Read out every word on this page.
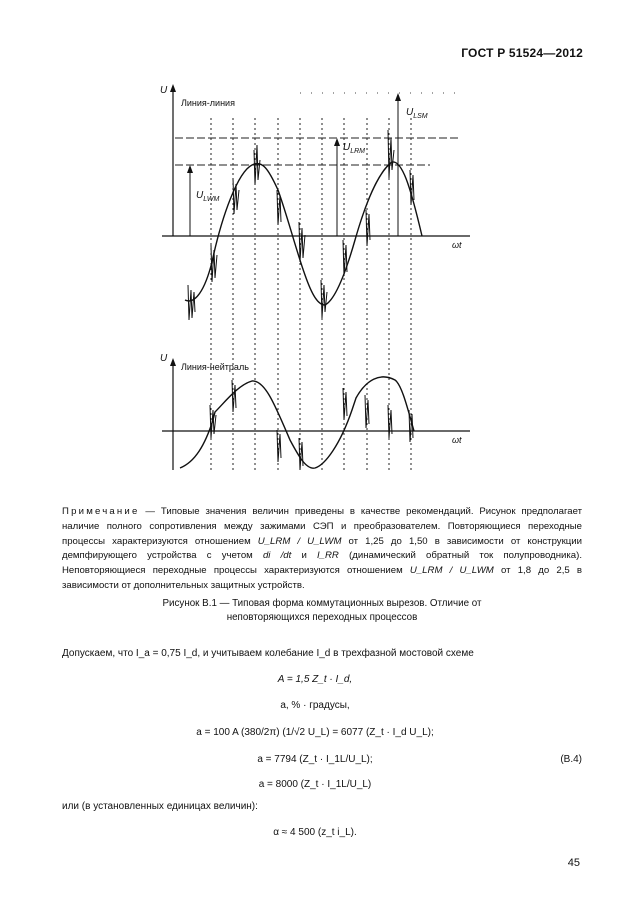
ГОСТ Р 51524—2012
U
Линия-линия
ωt
$U_{LWM}$
$U_{LRM}$
$U_{LSM}$
U
Линия-нейтраль
ωt
Примечание — Типовые значения величин приведены в качестве рекомендаций. Рисунок предполагает наличие полного сопротивления между зажимами СЭП и преобразователем. Повторяющиеся переходные процессы характеризуются отношением U_LRM / U_LWM от 1,25 до 1,50 в зависимости от конструкции демпфирующего устройства с учетом di /dt и I_RR (динамический обратный ток полупроводника). Неповторяющиеся переходные процессы характеризуются отношением U_LRM / U_LWM от 1,8 до 2,5 в зависимости от дополнительных защитных устройств.
Рисунок В.1 — Типовая форма коммутационных вырезов. Отличие от
неповторяющихся переходных процессов
Допускаем, что I_a = 0,75 I_d, и учитываем колебание I_d в трехфазной мостовой схеме
A = 1,5 Z_t · I_d,
a, % · градусы,
a = 100 A (380/2π) (1/√2 U_L) = 6077 (Z_t · I_d U_L);
a = 7794 (Z_t · I_1L/U_L);	(B.4)
a = 8000 (Z_t · I_1L/U_L)
или (в установленных единицах величин):
α ≈ 4 500 (z_t i_L).
45
